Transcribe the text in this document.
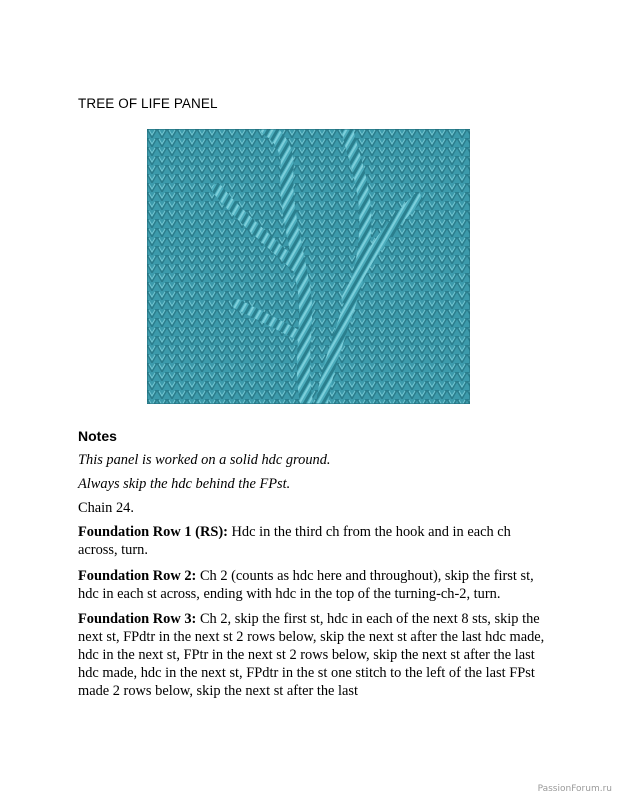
TREE OF LIFE PANEL
Notes
This panel is worked on a solid hdc ground.
Always skip the hdc behind the FPst.
Chain 24.
Foundation Row 1 (RS): Hdc in the third ch from the hook and in each ch across, turn.
Foundation Row 2: Ch 2 (counts as hdc here and throughout), skip the first st, hdc in each st across, ending with hdc in the top of the turning-ch-2, turn.
Foundation Row 3: Ch 2, skip the first st, hdc in each of the next 8 sts, skip the next st, FPdtr in the next st 2 rows below, skip the next st after the last hdc made, hdc in the next st, FPtr in the next st 2 rows below, skip the next st after the last hdc made, hdc in the next st, FPdtr in the st one stitch to the left of the last FPst made 2 rows below, skip the next st after the last
PassionForum.ru
